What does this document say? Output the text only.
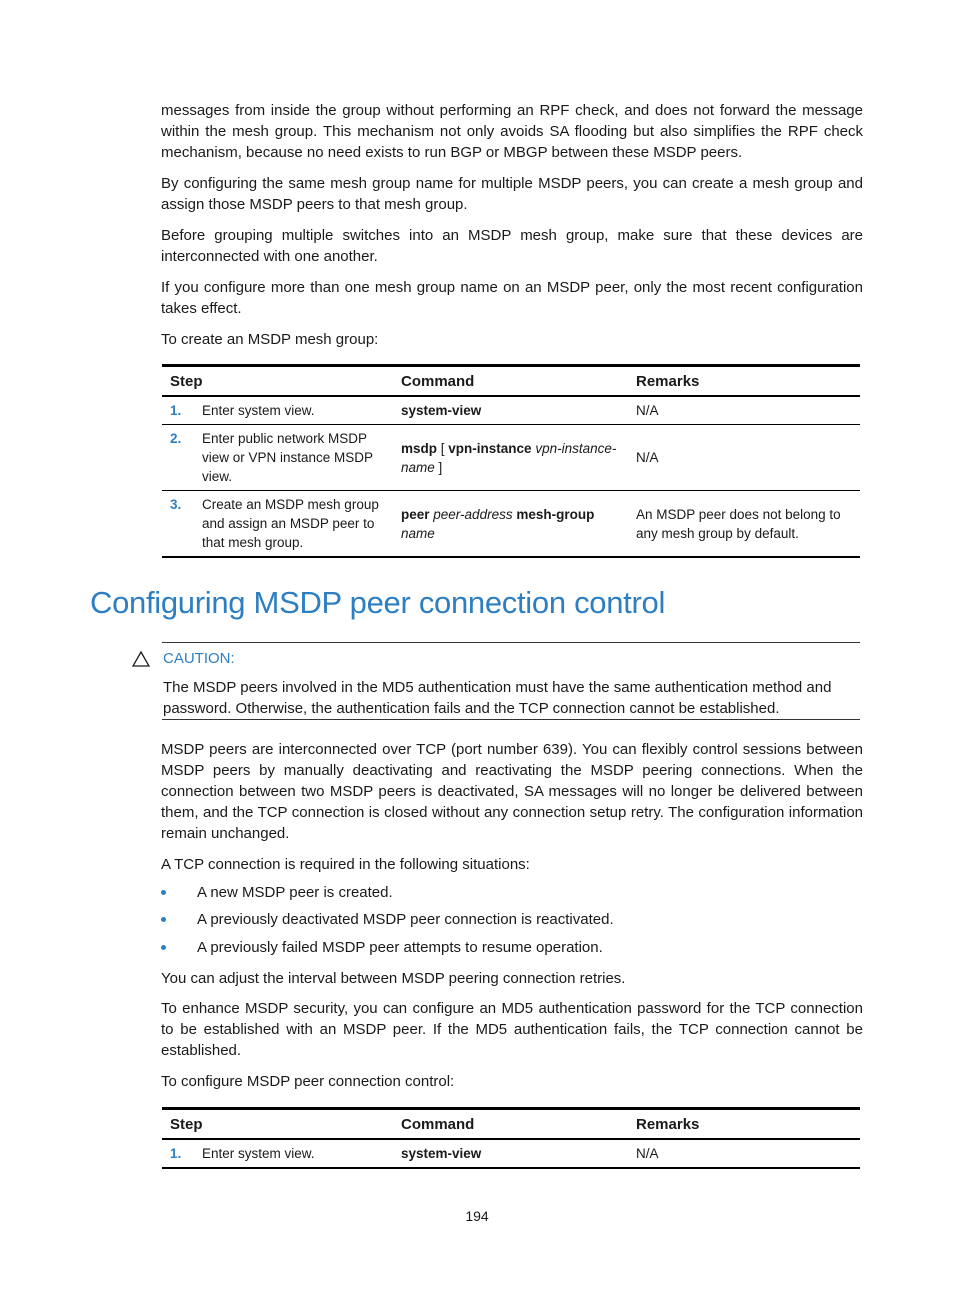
messages from inside the group without performing an RPF check, and does not forward the message within the mesh group. This mechanism not only avoids SA flooding but also simplifies the RPF check mechanism, because no need exists to run BGP or MBGP between these MSDP peers.

By configuring the same mesh group name for multiple MSDP peers, you can create a mesh group and assign those MSDP peers to that mesh group.

Before grouping multiple switches into an MSDP mesh group, make sure that these devices are interconnected with one another.

If you configure more than one mesh group name on an MSDP peer, only the most recent configuration takes effect.

To create an MSDP mesh group:

Step	Command	Remarks

1. Enter system view.	system-view	N/A

2. Enter public network MSDP view or VPN instance MSDP view.	msdp [ vpn-instance vpn-instance-name ]	N/A

3. Create an MSDP mesh group and assign an MSDP peer to that mesh group.	peer peer-address mesh-group name	An MSDP peer does not belong to any mesh group by default.
Configuring MSDP peer connection control
CAUTION:

The MSDP peers involved in the MD5 authentication must have the same authentication method and password. Otherwise, the authentication fails and the TCP connection cannot be established.

MSDP peers are interconnected over TCP (port number 639). You can flexibly control sessions between MSDP peers by manually deactivating and reactivating the MSDP peering connections. When the connection between two MSDP peers is deactivated, SA messages will no longer be delivered between them, and the TCP connection is closed without any connection setup retry. The configuration information remain unchanged.

A TCP connection is required in the following situations:

A new MSDP peer is created.
A previously deactivated MSDP peer connection is reactivated.
A previously failed MSDP peer attempts to resume operation.

You can adjust the interval between MSDP peering connection retries.

To enhance MSDP security, you can configure an MD5 authentication password for the TCP connection to be established with an MSDP peer. If the MD5 authentication fails, the TCP connection cannot be established.

To configure MSDP peer connection control:

Step	Command	Remarks

1. Enter system view.	system-view	N/A
194
